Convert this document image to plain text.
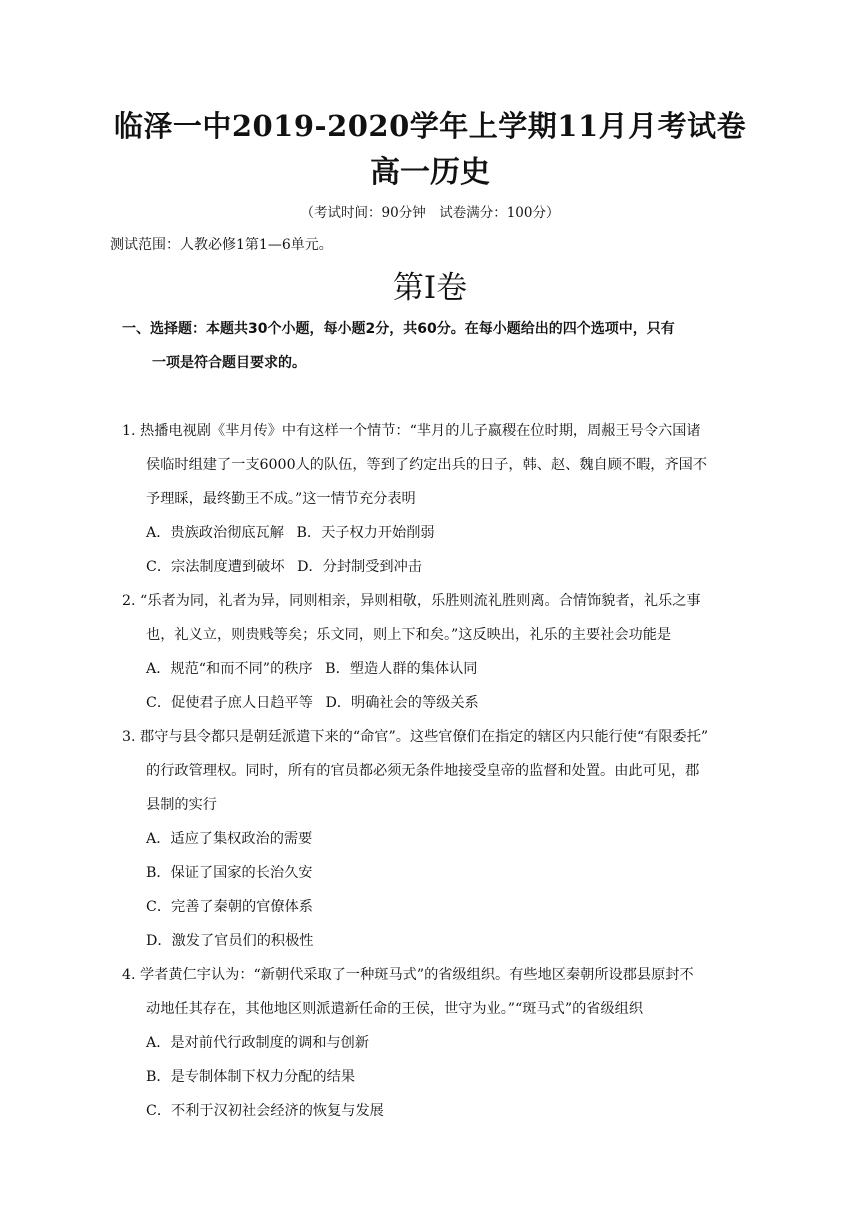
临泽一中2019-2020学年上学期11月月考试卷
高一历史
（考试时间：90分钟　试卷满分：100分）
测试范围：人教必修1第1—6单元。
第Ⅰ卷
一、选择题：本题共30个小题，每小题2分，共60分。在每小题给出的四个选项中，只有
一项是符合题目要求的。
1. 热播电视剧《芈月传》中有这样一个情节：“芈月的儿子嬴稷在位时期，周赧王号令六国诸
侯临时组建了一支6000人的队伍，等到了约定出兵的日子，韩、赵、魏自顾不暇，齐国不
予理睬，最终勤王不成。”这一情节充分表明
A．贵族政治彻底瓦解 B．天子权力开始削弱
C．宗法制度遭到破坏 D．分封制受到冲击
2. “乐者为同，礼者为异，同则相亲，异则相敬，乐胜则流礼胜则离。合情饰貌者，礼乐之事
也，礼义立，则贵贱等矣；乐文同，则上下和矣。”这反映出，礼乐的主要社会功能是
A．规范“和而不同”的秩序 B．塑造人群的集体认同
C．促使君子庶人日趋平等 D．明确社会的等级关系
3. 郡守与县令都只是朝廷派遣下来的“命官”。这些官僚们在指定的辖区内只能行使“有限委托”
的行政管理权。同时，所有的官员都必须无条件地接受皇帝的监督和处置。由此可见，郡
县制的实行
A．适应了集权政治的需要
B．保证了国家的长治久安
C．完善了秦朝的官僚体系
D．激发了官员们的积极性
4. 学者黄仁宇认为：“新朝代采取了一种斑马式”的省级组织。有些地区秦朝所设郡县原封不
动地任其存在，其他地区则派遣新任命的王侯，世守为业。”“斑马式”的省级组织
A．是对前代行政制度的调和与创新
B．是专制体制下权力分配的结果
C．不利于汉初社会经济的恢复与发展
